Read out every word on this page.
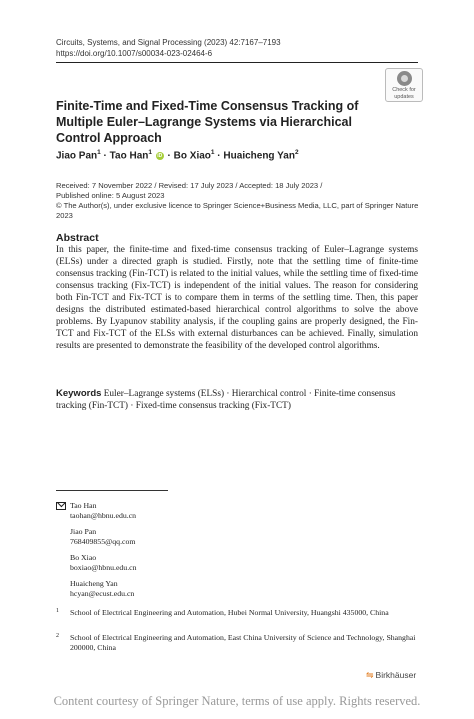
Circuits, Systems, and Signal Processing (2023) 42:7167–7193
https://doi.org/10.1007/s00034-023-02464-6
Check for
updates
Finite-Time and Fixed-Time Consensus Tracking of Multiple Euler–Lagrange Systems via Hierarchical Control Approach
Jiao Pan$^1$ · Tao Han$^1$ iD · Bo Xiao$^1$ · Huaicheng Yan$^2$
Received: 7 November 2022 / Revised: 17 July 2023 / Accepted: 18 July 2023 /
Published online: 5 August 2023
© The Author(s), under exclusive licence to Springer Science+Business Media, LLC, part of Springer Nature 2023
Abstract
In this paper, the finite-time and fixed-time consensus tracking of Euler–Lagrange systems (ELSs) under a directed graph is studied. Firstly, note that the settling time of finite-time consensus tracking (Fin-TCT) is related to the initial values, while the settling time of fixed-time consensus tracking (Fix-TCT) is independent of the initial values. The reason for considering both Fin-TCT and Fix-TCT is to compare them in terms of the settling time. Then, this paper designs the distributed estimated-based hierarchical control algorithms to solve the above problems. By Lyapunov stability analysis, if the coupling gains are properly designed, the Fin-TCT and Fix-TCT of the ELSs with external disturbances can be achieved. Finally, simulation results are presented to demonstrate the feasibility of the developed control algorithms.
Keywords Euler–Lagrange systems (ELSs) · Hierarchical control · Finite-time consensus tracking (Fin-TCT) · Fixed-time consensus tracking (Fix-TCT)
Tao Han
taohan@hbnu.edu.cn
Jiao Pan
768409855@qq.com
Bo Xiao
boxiao@hbnu.edu.cn
Huaicheng Yan
hcyan@ecust.edu.cn
1	School of Electrical Engineering and Automation, Hubei Normal University, Huangshi 435000, China
2	School of Electrical Engineering and Automation, East China University of Science and Technology, Shanghai 200000, China
⇋ Birkhäuser
Content courtesy of Springer Nature, terms of use apply. Rights reserved.
